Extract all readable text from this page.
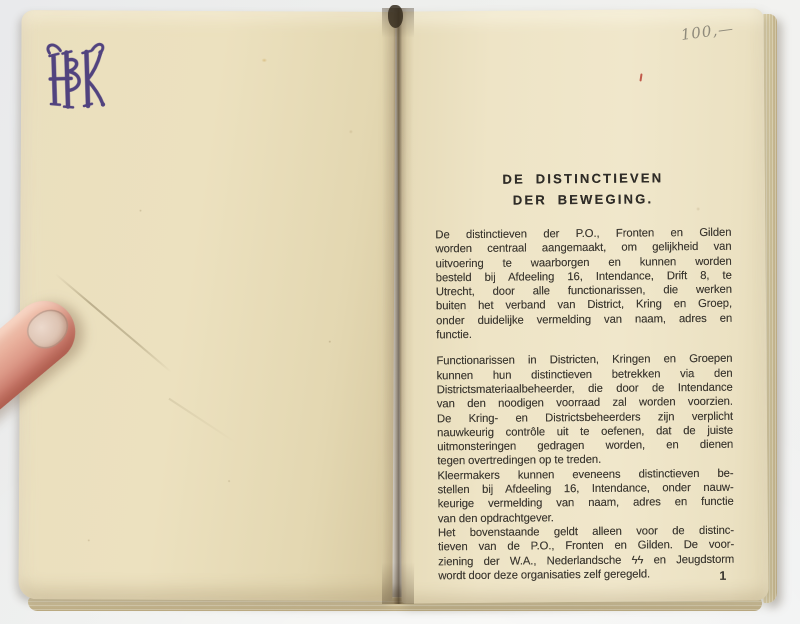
100,—
DE DISTINCTIEVEN
DER BEWEGING.
De distinctieven der P.O., Fronten en Gilden
worden centraal aangemaakt, om gelijkheid van
uitvoering te waarborgen en kunnen worden
besteld bij Afdeeling 16, Intendance, Drift 8, te
Utrecht, door alle functionarissen, die werken
buiten het verband van District, Kring en Groep,
onder duidelijke vermelding van naam, adres en
functie.
Functionarissen in Districten, Kringen en Groepen
kunnen hun distinctieven betrekken via den
Districtsmateriaalbeheerder, die door de Intendance
van den noodigen voorraad zal worden voorzien.
De Kring- en Districtsbeheerders zijn verplicht
nauwkeurig contrôle uit te oefenen, dat de juiste
uitmonsteringen gedragen worden, en dienen
tegen overtredingen op te treden.
Kleermakers kunnen eveneens distinctieven be-
stellen bij Afdeeling 16, Intendance, onder nauw-
keurige vermelding van naam, adres en functie
van den opdrachtgever.
Het bovenstaande geldt alleen voor de distinc-
tieven van de P.O., Fronten en Gilden. De voor-
ziening der W.A., Nederlandsche ϟϟ en Jeugdstorm
wordt door deze organisaties zelf geregeld.	1
